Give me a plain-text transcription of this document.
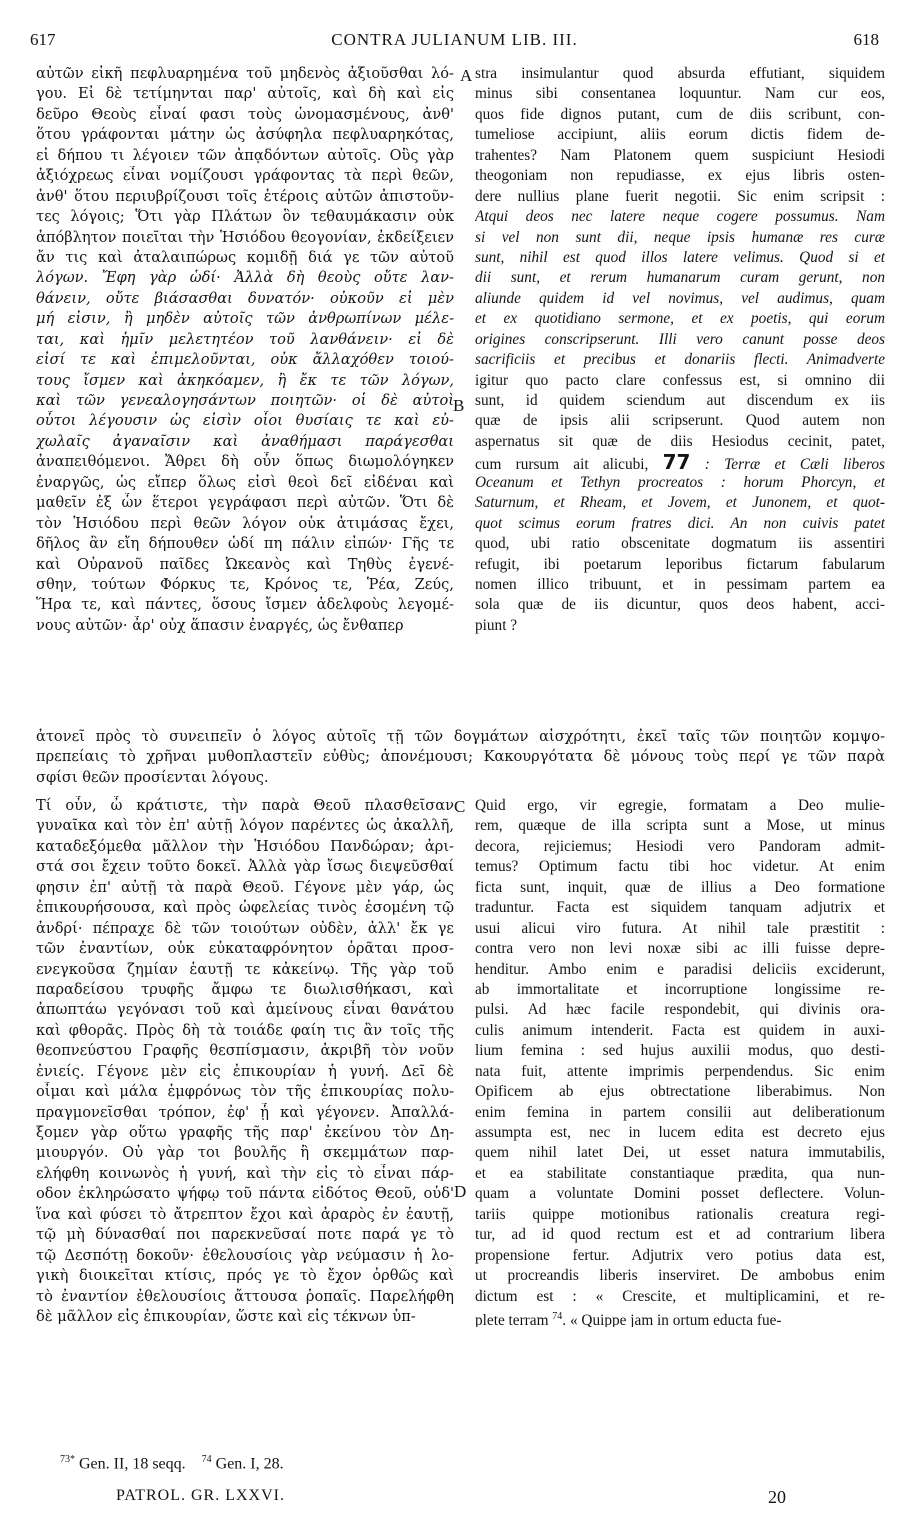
617	CONTRA JULIANUM LIB. III.	618
αὐτῶν εἰκῆ πεφλυαρημένα τοῦ μηδενὸς ἀξιοῦσθαι λό-
γου. Εἰ δὲ τετίμηνται παρ' αὐτοῖς, καὶ δὴ καὶ εἰς
δεῦρο Θεοὺς εἶναί φασι τοὺς ὠνομασμένους, ἀνθ'
ὅτου γράφονται μάτην ὡς ἀσύφηλα πεφλυαρηκότας,
εἰ δήπου τι λέγοιεν τῶν ἀπᾳδόντων αὐτοῖς. Οὓς γὰρ
ἀξιόχρεως εἶναι νομίζουσι γράφοντας τὰ περὶ θεῶν,
ἀνθ' ὅτου περιυβρίζουσι τοῖς ἑτέροις αὐτῶν ἀπιστοῦν-
τες λόγοις; Ὅτι γὰρ Πλάτων ὃν τεθαυμάκασιν οὐκ
ἀπόβλητον ποιεῖται τὴν Ἡσιόδου θεογονίαν, ἐκδείξειεν
ἄν τις καὶ ἀταλαιπώρως κομιδῇ διά γε τῶν αὐτοῦ
λόγων. Ἔφη γὰρ ὡδί· Ἀλλὰ δὴ θεοὺς οὔτε λαν-
θάνειν, οὔτε βιάσασθαι δυνατόν· οὐκοῦν εἰ μὲν
μή εἰσιν, ἢ μηδὲν αὐτοῖς τῶν ἀνθρωπίνων μέλε-
ται, καὶ ἡμῖν μελετητέον τοῦ λανθάνειν· εἰ δὲ
εἰσί τε καὶ ἐπιμελοῦνται, οὐκ ἄλλαχόθεν τοιού-
τους ἴσμεν καὶ ἀκηκόαμεν, ἢ ἔκ τε τῶν λόγων,
καὶ τῶν γενεαλογησάντων ποιητῶν· οἱ δὲ αὐτοὶ
οὗτοι λέγουσιν ὡς εἰσὶν οἷοι θυσίαις τε καὶ εὐ-
χωλαῖς ἀγαναῖσιν καὶ ἀναθήμασι παράγεσθαι
ἀναπειθόμενοι. Ἄθρει δὴ οὖν ὅπως διωμολόγηκεν
ἐναργῶς, ὡς εἴπερ ὅλως εἰσὶ θεοὶ δεῖ εἰδέναι καὶ
μαθεῖν ἐξ ὧν ἕτεροι γεγράφασι περὶ αὐτῶν. Ὅτι δὲ
τὸν Ἡσιόδου περὶ θεῶν λόγον οὐκ ἀτιμάσας ἔχει,
δῆλος ἂν εἴη δήπουθεν ὡδί πη πάλιν εἰπών· Γῆς τε
καὶ Οὐρανοῦ παῖδες Ὠκεανὸς καὶ Τηθὺς ἐγενέ-
σθην, τούτων Φόρκυς τε, Κρόνος τε, Ῥέα, Ζεύς,
Ἥρα τε, καὶ πάντες, ὅσους ἴσμεν ἀδελφοὺς λεγομέ-
νους αὐτῶν· ἆρ' οὐχ ἅπασιν ἐναργές, ὡς ἔνθαπερ
stra insimulantur quod absurda effutiant, siquidem
minus sibi consentanea loquuntur. Nam cur eos,
quos fide dignos putant, cum de diis scribunt, con-
tumeliose accipiunt, aliis eorum dictis fidem de-
trahentes? Nam Platonem quem suspiciunt Hesiodi
theogoniam non repudiasse, ex ejus libris osten-
dere nullius plane fuerit negotii. Sic enim scripsit :
Atqui deos nec latere neque cogere possumus. Nam
si vel non sunt dii, neque ipsis humanæ res curæ
sunt, nihil est quod illos latere velimus. Quod si et
dii sunt, et rerum humanarum curam gerunt, non
aliunde quidem id vel novimus, vel audimus, quam
et ex quotidiano sermone, et ex poetis, qui eorum
origines conscripserunt. Illi vero canunt posse deos
sacrificiis et precibus et donariis flecti. Animadverte
igitur quo pacto clare confessus est, si omnino dii
sunt, id quidem sciendum aut discendum ex iis
quæ de ipsis alii scripserunt. Quod autem non
aspernatus sit quæ de diis Hesiodus cecinit, patet,
cum rursum ait alicubi, 77 : Terræ et Cæli liberos
Oceanum et Tethyn procreatos : horum Phorcyn, et
Saturnum, et Rheam, et Jovem, et Junonem, et quot-
quot scimus eorum fratres dici. An non cuivis patet
quod, ubi ratio obscenitate dogmatum iis assentiri
refugit, ibi poetarum leporibus fictarum fabularum
nomen illico tribuunt, et in pessimam partem ea
sola quæ de iis dicuntur, quos deos habent, acci-
piunt ?
A
B
ἀτονεῖ πρὸς τὸ συνειπεῖν ὁ λόγος αὐτοῖς τῇ τῶν δογμάτων αἰσχρότητι, ἐκεῖ ταῖς τῶν ποιητῶν κομψο-
πρεπείαις τὸ χρῆναι μυθοπλαστεῖν εὐθὺς; ἀπονέμουσι; Κακουργότατα δὲ μόνους τοὺς περί γε τῶν παρὰ
σφίσι θεῶν προσίενται λόγους.
Τί οὖν, ὦ κράτιστε, τὴν παρὰ Θεοῦ πλασθεῖσαν
γυναῖκα καὶ τὸν ἐπ' αὐτῇ λόγον παρέντες ὡς ἀκαλλῆ,
καταδεξόμεθα μᾶλλον τὴν Ἡσιόδου Πανδώραν; ἀρι-
στά σοι ἔχειν τοῦτο δοκεῖ. Ἀλλὰ γὰρ ἴσως διεψεῦσθαί
φησιν ἐπ' αὐτῇ τὰ παρὰ Θεοῦ. Γέγονε μὲν γάρ, ὡς
ἐπικουρήσουσα, καὶ πρὸς ὠφελείας τινὸς ἐσομένη τῷ
ἀνδρί· πέπραχε δὲ τῶν τοιούτων οὐδὲν, ἀλλ' ἔκ γε
τῶν ἐναντίων, οὐκ εὐκαταφρόνητον ὁρᾶται προσ-
ενεγκοῦσα ζημίαν ἑαυτῇ τε κἀκείνῳ. Τῆς γὰρ τοῦ
παραδείσου τρυφῆς ἄμφω τε διωλισθήκασι, καὶ
ἀπωπτάω γεγόνασι τοῦ καὶ ἀμείνους εἶναι θανάτου
καὶ φθορᾶς. Πρὸς δὴ τὰ τοιάδε φαίη τις ἂν τοῖς τῆς
θεοπνεύστου Γραφῆς θεσπίσμασιν, ἀκριβῆ τὸν νοῦν
ἐνιείς. Γέγονε μὲν εἰς ἐπικουρίαν ἡ γυνή. Δεῖ δὲ
οἶμαι καὶ μάλα ἐμφρόνως τὸν τῆς ἐπικουρίας πολυ-
πραγμονεῖσθαι τρόπον, ἐφ' ᾗ καὶ γέγονεν. Ἀπαλλά-
ξομεν γὰρ οὕτω γραφῆς τῆς παρ' ἐκείνου τὸν Δη-
μιουργόν. Οὐ γὰρ τοι βουλῆς ἢ σκεμμάτων παρ-
ελήφθη κοινωνὸς ἡ γυνή, καὶ τὴν εἰς τὸ εἶναι πάρ-
οδον ἐκληρώσατο ψήφῳ τοῦ πάντα εἰδότος Θεοῦ, οὐδ'
ἵνα καὶ φύσει τὸ ἄτρεπτον ἔχοι καὶ ἀραρὸς ἐν ἑαυτῇ,
τῷ μὴ δύνασθαί ποι παρεκνεῦσαί ποτε παρά γε τὸ
τῷ Δεσπότῃ δοκοῦν· ἐθελουσίοις γὰρ νεύμασιν ἡ λο-
γικὴ διοικεῖται κτίσις, πρός γε τὸ ἔχον ὀρθῶς καὶ
τὸ ἐναντίον ἐθελουσίοις ἄττουσα ῥοπαῖς. Παρελήφθη
δὲ μᾶλλον εἰς ἐπικουρίαν, ὥστε καὶ εἰς τέκνων ὑπ-
Quid ergo, vir egregie, formatam a Deo mulie-
rem, quæque de illa scripta sunt a Mose, ut minus
decora, rejiciemus; Hesiodi vero Pandoram admit-
temus? Optimum factu tibi hoc videtur. At enim
ficta sunt, inquit, quæ de illius a Deo formatione
traduntur. Facta est siquidem tanquam adjutrix et
usui alicui viro futura. At nihil tale præstitit :
contra vero non levi noxæ sibi ac illi fuisse depre-
henditur. Ambo enim e paradisi deliciis exciderunt,
ab immortalitate et incorruptione longissime re-
pulsi. Ad hæc facile respondebit, qui divinis ora-
culis animum intenderit. Facta est quidem in auxi-
lium femina : sed hujus auxilii modus, quo desti-
nata fuit, attente imprimis perpendendus. Sic enim
Opificem ab ejus obtrectatione liberabimus. Non
enim femina in partem consilii aut deliberationum
assumpta est, nec in lucem edita est decreto ejus
quem nihil latet Dei, ut esset natura immutabilis,
et ea stabilitate constantiaque prædita, qua nun-
quam a voluntate Domini posset deflectere. Volun-
tariis quippe motionibus rationalis creatura regi-
tur, ad id quod rectum est et ad contrarium libera
propensione fertur. Adjutrix vero potius data est,
ut procreandis liberis inserviret. De ambobus enim
dictum est : « Crescite, et multiplicamini, et re-
plete terram $^{74}$. « Quippe jam in ortum educta fue-
C
D
$^{73*}$ Gen. II, 18 seqq. $^{74}$ Gen. I, 28.
PATROL. GR. LXXVI.	20
